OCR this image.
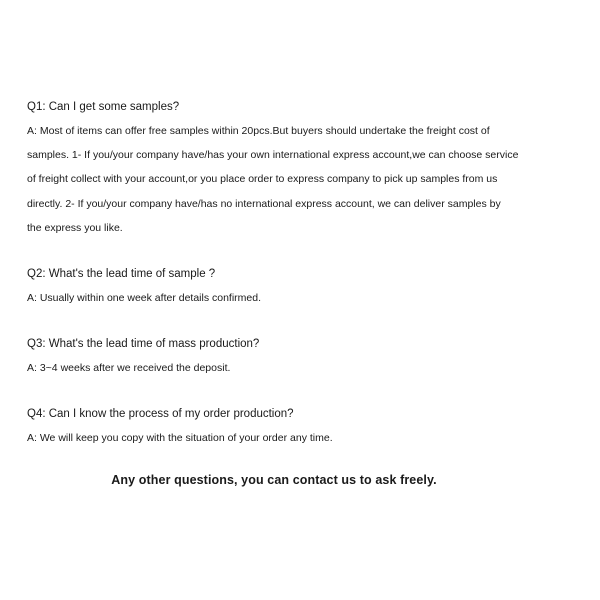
Q1: Can I get some samples?

A: Most of items can offer free samples within 20pcs.But buyers should undertake the freight cost of
samples. 1- If you/your company have/has your own international express account,we can choose service
of freight collect with your account,or you place order to express company to pick up samples from us
directly. 2- If you/your company have/has no international express account, we can deliver samples by
the express you like.

Q2: What's the lead time of sample ?

A: Usually within one week after details confirmed.

Q3: What's the lead time of mass production?

A: 3~4 weeks after we received the deposit.

Q4: Can I know the process of my order production?

A: We will keep you copy with the situation of your order any time.

Any other questions, you can contact us to ask freely.
